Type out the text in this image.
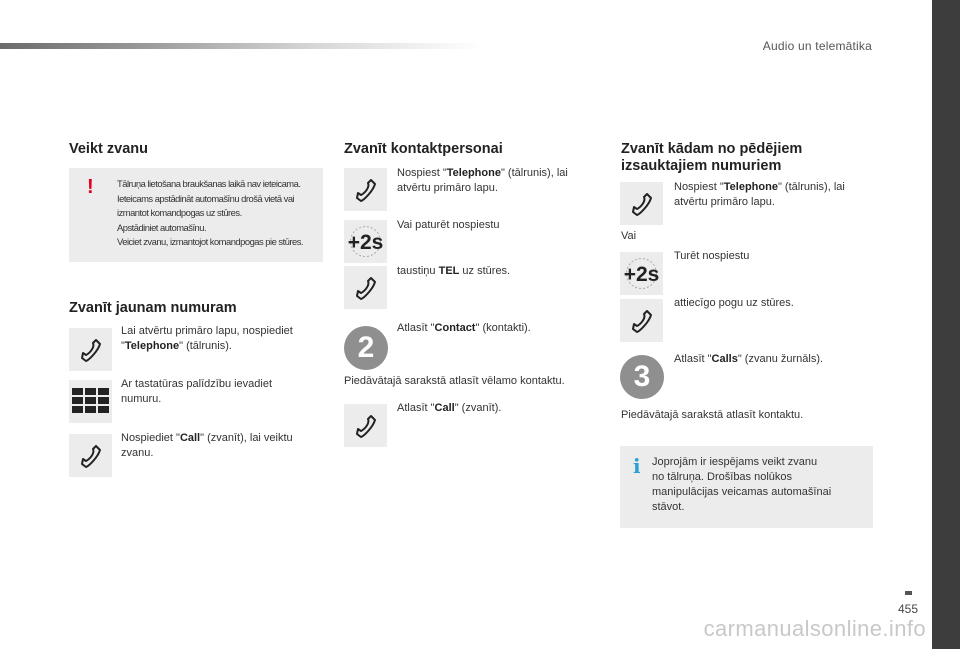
Audio un telemātika
455
carmanualsonline.info
Veikt zvanu
! Tālruņa lietošana braukšanas laikā nav ieteicama.
Ieteicams apstādināt automašīnu drošā vietā vai
izmantot komandpogas uz stūres.
Apstādiniet automašīnu.
Veiciet zvanu, izmantojot komandpogas pie stūres.
Zvanīt jaunam numuram
Lai atvērtu primāro lapu, nospiediet
"Telephone" (tālrunis).
Ar tastatūras palīdzību ievadiet
numuru.
Nospiediet "Call" (zvanīt), lai veiktu
zvanu.
Zvanīt kontaktpersonai
Nospiest "Telephone" (tālrunis), lai
atvērtu primāro lapu.
+2s
Vai paturēt nospiestu
taustiņu TEL uz stūres.
2
Atlasīt "Contact" (kontakti).
Piedāvātajā sarakstā atlasīt vēlamo kontaktu.
Atlasīt "Call" (zvanīt).
Zvanīt kādam no pēdējiem
izsauktajiem numuriem
Nospiest "Telephone" (tālrunis), lai
atvērtu primāro lapu.
Vai
+2s
Turēt nospiestu
attiecīgo pogu uz stūres.
3
Atlasīt "Calls" (zvanu žurnāls).
Piedāvātajā sarakstā atlasīt kontaktu.
i Joprojām ir iespējams veikt zvanu
no tālruņa. Drošības nolūkos
manipulācijas veicamas automašīnai
stāvot.
